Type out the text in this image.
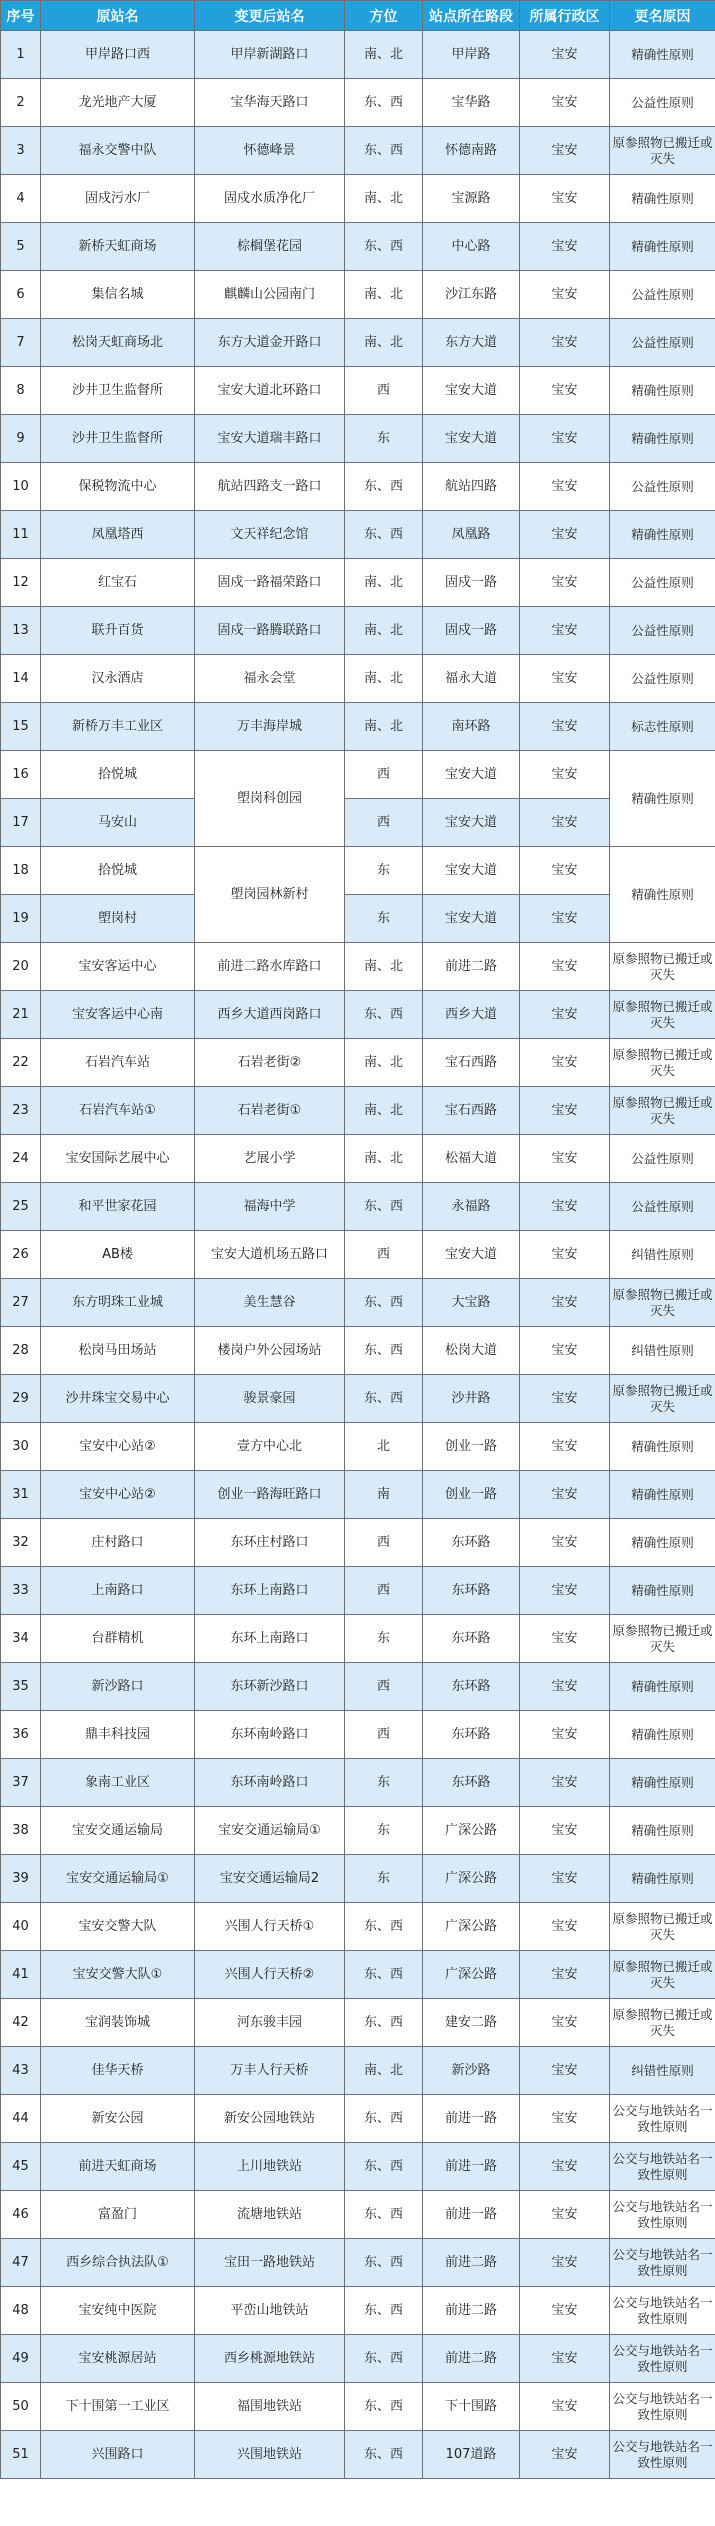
序号	原站名	变更后站名	方位	站点所在路段	所属行政区	更名原因
1	甲岸路口西	甲岸新湖路口	南、北	甲岸路	宝安	精确性原则
2	龙光地产大厦	宝华海天路口	东、西	宝华路	宝安	公益性原则
3	福永交警中队	怀德峰景	东、西	怀德南路	宝安	原参照物已搬迁或灭失
4	固戍污水厂	固戍水质净化厂	南、北	宝源路	宝安	精确性原则
5	新桥天虹商场	棕榈堡花园	东、西	中心路	宝安	精确性原则
6	集信名城	麒麟山公园南门	南、北	沙江东路	宝安	公益性原则
7	松岗天虹商场北	东方大道金开路口	南、北	东方大道	宝安	公益性原则
8	沙井卫生监督所	宝安大道北环路口	西	宝安大道	宝安	精确性原则
9	沙井卫生监督所	宝安大道瑞丰路口	东	宝安大道	宝安	精确性原则
10	保税物流中心	航站四路支一路口	东、西	航站四路	宝安	公益性原则
11	凤凰塔西	文天祥纪念馆	东、西	凤凰路	宝安	精确性原则
12	红宝石	固戍一路福荣路口	南、北	固戍一路	宝安	公益性原则
13	联升百货	固戍一路腾联路口	南、北	固戍一路	宝安	公益性原则
14	汉永酒店	福永会堂	南、北	福永大道	宝安	公益性原则
15	新桥万丰工业区	万丰海岸城	南、北	南环路	宝安	标志性原则
16	拾悦城	塱岗科创园	西	宝安大道	宝安	精确性原则
17	马安山		西	宝安大道	宝安	
18	拾悦城	塱岗园林新村	东	宝安大道	宝安	精确性原则
19	塱岗村		东	宝安大道	宝安	
20	宝安客运中心	前进二路水库路口	南、北	前进二路	宝安	原参照物已搬迁或灭失
21	宝安客运中心南	西乡大道西岗路口	东、西	西乡大道	宝安	原参照物已搬迁或灭失
22	石岩汽车站	石岩老街②	南、北	宝石西路	宝安	原参照物已搬迁或灭失
23	石岩汽车站①	石岩老街①	南、北	宝石西路	宝安	原参照物已搬迁或灭失
24	宝安国际艺展中心	艺展小学	南、北	松福大道	宝安	公益性原则
25	和平世家花园	福海中学	东、西	永福路	宝安	公益性原则
26	AB楼	宝安大道机场五路口	西	宝安大道	宝安	纠错性原则
27	东方明珠工业城	美生慧谷	东、西	大宝路	宝安	原参照物已搬迁或灭失
28	松岗马田场站	楼岗户外公园场站	东、西	松岗大道	宝安	纠错性原则
29	沙井珠宝交易中心	骏景豪园	东、西	沙井路	宝安	原参照物已搬迁或灭失
30	宝安中心站②	壹方中心北	北	创业一路	宝安	精确性原则
31	宝安中心站②	创业一路海旺路口	南	创业一路	宝安	精确性原则
32	庄村路口	东环庄村路口	西	东环路	宝安	精确性原则
33	上南路口	东环上南路口	西	东环路	宝安	精确性原则
34	台群精机	东环上南路口	东	东环路	宝安	原参照物已搬迁或灭失
35	新沙路口	东环新沙路口	西	东环路	宝安	精确性原则
36	鼎丰科技园	东环南岭路口	西	东环路	宝安	精确性原则
37	象南工业区	东环南岭路口	东	东环路	宝安	精确性原则
38	宝安交通运输局	宝安交通运输局①	东	广深公路	宝安	精确性原则
39	宝安交通运输局①	宝安交通运输局2	东	广深公路	宝安	精确性原则
40	宝安交警大队	兴围人行天桥①	东、西	广深公路	宝安	原参照物已搬迁或灭失
41	宝安交警大队①	兴围人行天桥②	东、西	广深公路	宝安	原参照物已搬迁或灭失
42	宝润装饰城	河东骏丰园	东、西	建安二路	宝安	原参照物已搬迁或灭失
43	佳华天桥	万丰人行天桥	南、北	新沙路	宝安	纠错性原则
44	新安公园	新安公园地铁站	东、西	前进一路	宝安	公交与地铁站名一致性原则
45	前进天虹商场	上川地铁站	东、西	前进一路	宝安	公交与地铁站名一致性原则
46	富盈门	流塘地铁站	东、西	前进一路	宝安	公交与地铁站名一致性原则
47	西乡综合执法队①	宝田一路地铁站	东、西	前进二路	宝安	公交与地铁站名一致性原则
48	宝安纯中医院	平峦山地铁站	东、西	前进二路	宝安	公交与地铁站名一致性原则
49	宝安桃源居站	西乡桃源地铁站	东、西	前进二路	宝安	公交与地铁站名一致性原则
50	下十围第一工业区	福围地铁站	东、西	下十围路	宝安	公交与地铁站名一致性原则
51	兴围路口	兴围地铁站	东、西	107道路	宝安	公交与地铁站名一致性原则
